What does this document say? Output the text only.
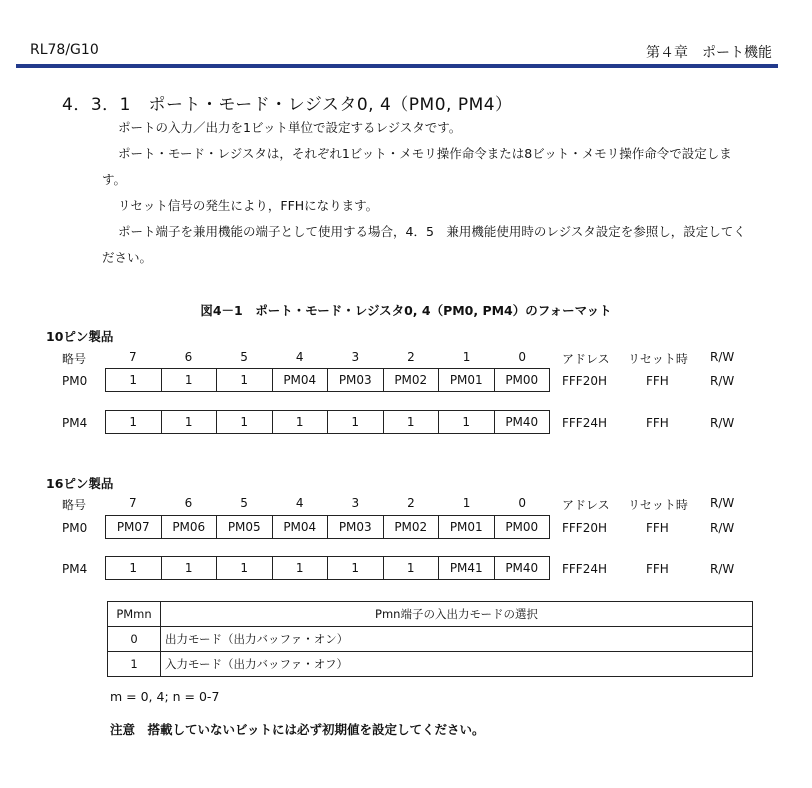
RL78/G10	第４章　ポート機能
4．3．1　ポート・モード・レジスタ0, 4（PM0, PM4）
ポートの入力／出力を1ビット単位で設定するレジスタです。
ポート・モード・レジスタは，それぞれ1ビット・メモリ操作命令または8ビット・メモリ操作命令で設定します。
リセット信号の発生により，FFHになります。
ポート端子を兼用機能の端子として使用する場合，4．5　兼用機能使用時のレジスタ設定を参照し，設定してください。
図4－1　ポート・モード・レジスタ0, 4（PM0, PM4）のフォーマット
10ピン製品
略号	7	6	5	4	3	2	1	0	アドレス リセット時 R/W
PM0	1	1	1	PM04	PM03	PM02	PM01	PM00	FFF20H	FFH	R/W
PM4	1	1	1	1	1	1	1	PM40	FFF24H	FFH	R/W
16ピン製品
略号	7	6	5	4	3	2	1	0	アドレス リセット時 R/W
PM0	PM07	PM06	PM05	PM04	PM03	PM02	PM01	PM00	FFF20H	FFH	R/W
PM4	1	1	1	1	1	1	PM41	PM40	FFF24H	FFH	R/W
PMmn	Pmn端子の入出力モードの選択
0	出力モード（出力バッファ・オン）
1	入力モード（出力バッファ・オフ）
m = 0, 4; n = 0-7
注意　搭載していないビットには必ず初期値を設定してください。
